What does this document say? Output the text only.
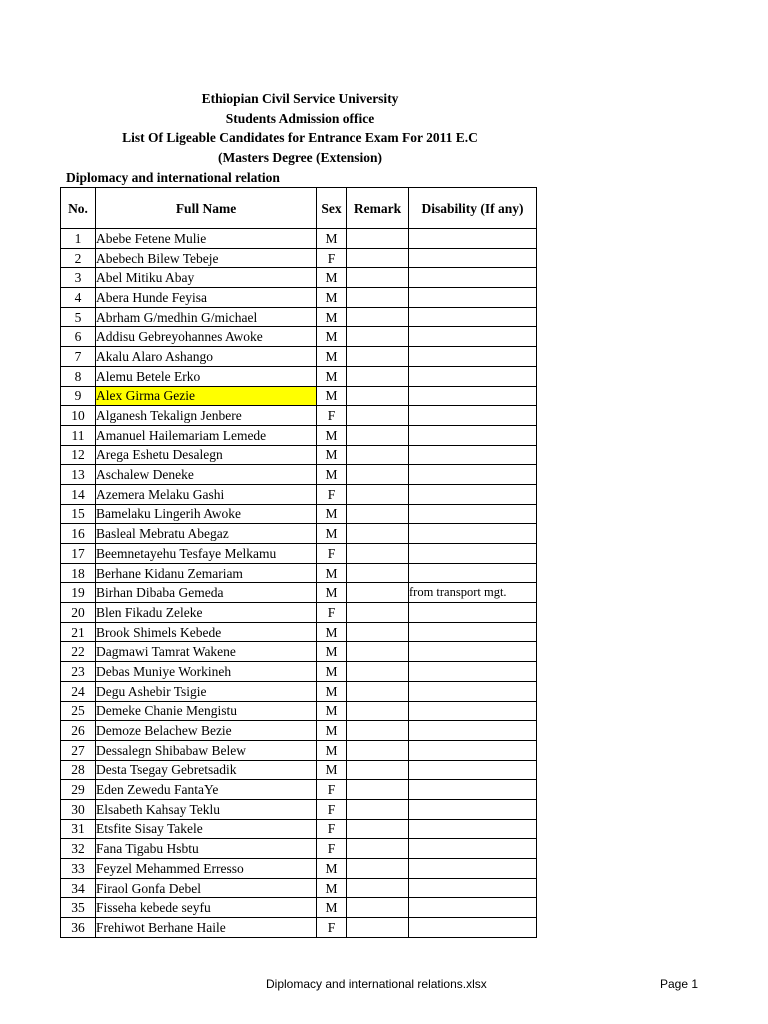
Ethiopian Civil Service University
Students Admission office
List Of Ligeable Candidates for Entrance Exam For 2011 E.C
(Masters Degree (Extension)
Diplomacy and international relation
No.	Full Name	Sex	Remark	Disability (If any)
1	Abebe Fetene Mulie	M		
2	Abebech Bilew Tebeje	F		
3	Abel Mitiku Abay	M		
4	Abera Hunde Feyisa	M		
5	Abrham G/medhin G/michael	M		
6	Addisu Gebreyohannes Awoke	M		
7	Akalu Alaro Ashango	M		
8	Alemu Betele Erko	M		
9	Alex Girma Gezie	M		
10	Alganesh Tekalign Jenbere	F		
11	Amanuel Hailemariam Lemede	M		
12	Arega Eshetu Desalegn	M		
13	Aschalew Deneke	M		
14	Azemera Melaku Gashi	F		
15	Bamelaku Lingerih Awoke	M		
16	Basleal Mebratu Abegaz	M		
17	Beemnetayehu Tesfaye Melkamu	F		
18	Berhane Kidanu Zemariam	M		
19	Birhan Dibaba Gemeda	M		from transport mgt.
20	Blen Fikadu Zeleke	F		
21	Brook Shimels Kebede	M		
22	Dagmawi Tamrat Wakene	M		
23	Debas Muniye Workineh	M		
24	Degu Ashebir Tsigie	M		
25	Demeke Chanie Mengistu	M		
26	Demoze Belachew Bezie	M		
27	Dessalegn Shibabaw Belew	M		
28	Desta Tsegay Gebretsadik	M		
29	Eden Zewedu FantaYe	F		
30	Elsabeth Kahsay Teklu	F		
31	Etsfite Sisay Takele	F		
32	Fana Tigabu Hsbtu	F		
33	Feyzel Mehammed Erresso	M		
34	Firaol Gonfa Debel	M		
35	Fisseha kebede seyfu	M		
36	Frehiwot Berhane Haile	F		
Diplomacy and international relations.xlsx	Page 1
